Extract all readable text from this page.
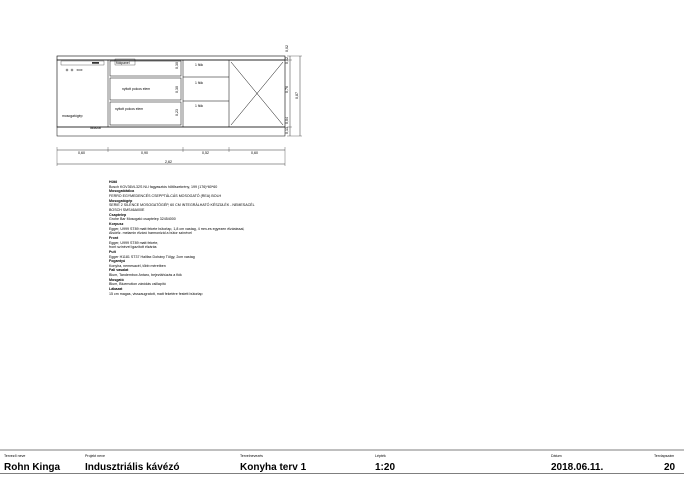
fiókpanel
nyitott polcos elem
nyitott polcos elem
mosogatógép
lábazat
1 fiók
1 fiók
1 fiók
0,30
0,30
0,23
0,02
0,02
0,76
0,13
0,04
0,87
0,60	0,90	0,52	0,60
2,62
Hűtő
Bosch KGV36VL32S Nl-l fagyasztós hűtőszekrény, 199 (176)*60*60
Mosogatótálca
FERRO EGYMEDENCÉS CSEPPTÁLCÁS MOSOGATÓ (REA) BOLH
Mosogatógép
SERIE 2 SILENCE MOSOGATÓGÉP, 60 CM INTEGRÁLHATÓ KÉSZÜLÉK - NEMESACÉL
BOSCH SMS46AI00E
Csaptelep
Grohe Bar Mosogató csaptelep 32454000
Korpusz
Egger, U999 ST89 matt fekete bútorlap, 1,8 cm vastag, 4 mm-es egyezen élzárással,
Alsóélz. melamin élzáró harmonizál a bútor színével
Front
Egger, U999 ST89 matt fekete,
front színével igazított élzárás
Pult
Egger H1181 ST37 Halifax Dohány Tölgy, 2cm vastag
Fogantyú
Konyha, nemesacél, több méretben
Fali vasalat
Blum, Tandembox Antaro, bejeztáhúzás a fiók
Mosgató
Blum, Bluemotion záródás csillapító
Lábazat
15 cm magas, visszaugratott, matt feketére festett bútorlap
Tervező neve
Rohn Kinga
Projekt neve
Indusztriális kávézó
Tervelnevezés
Konyha terv 1
Lépték
1:20
Dátum
2018.06.11.
Tervlapszám
20
